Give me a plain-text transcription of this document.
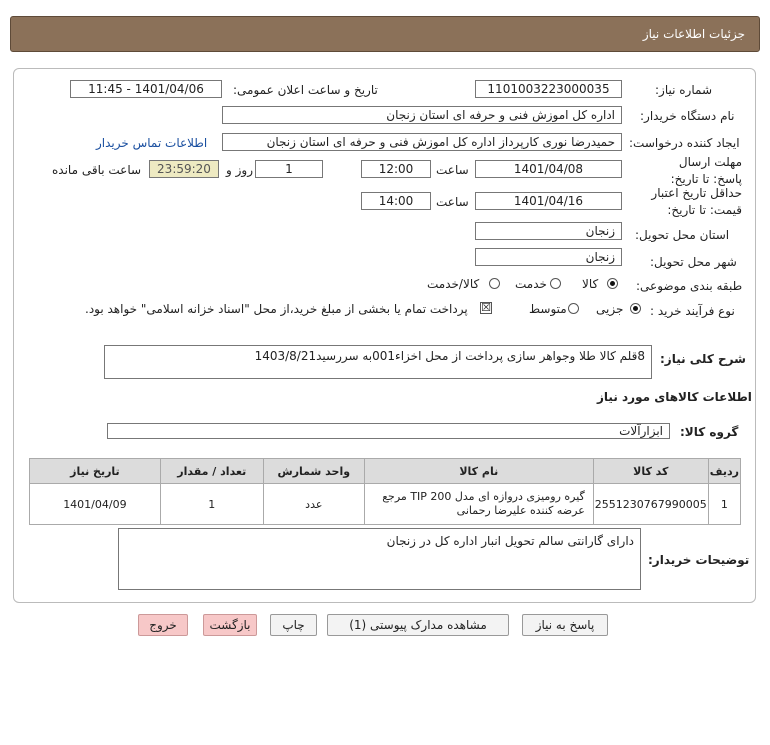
جزئیات اطلاعات نیاز
شماره نیاز:
1101003223000035
تاریخ و ساعت اعلان عمومی:
1401/04/06 - 11:45
نام دستگاه خریدار:
اداره کل اموزش فنی و حرفه ای استان زنجان
ایجاد کننده درخواست:
حمیدرضا نوری کارپرداز اداره کل اموزش فنی و حرفه ای استان زنجان
اطلاعات تماس خریدار
مهلت ارسال پاسخ: تا تاریخ:
1401/04/08
ساعت
12:00
1
روز و
23:59:20
ساعت باقی مانده
حداقل تاریخ اعتبار قیمت: تا تاریخ:
1401/04/16
ساعت
14:00
استان محل تحویل:
زنجان
شهر محل تحویل:
زنجان
طبقه بندی موضوعی:
کالا
خدمت
کالا/خدمت
نوع فرآیند خرید :
جزیی
متوسط
☒
پرداخت تمام یا بخشی از مبلغ خرید،از محل "اسناد خزانه اسلامی" خواهد بود.
شرح کلی نیاز:
8قلم کالا طلا وجواهر سازی پرداخت از محل اخزاء001به سررسید1403/8/21
اطلاعات کالاهای مورد نیاز
گروه کالا:
ابزارآلات
ردیف	کد کالا	نام کالا	واحد شمارش	تعداد / مقدار	تاریخ نیاز
1	2551230767990005	گیره رومیزی دروازه ای مدل TIP 200 مرجع عرضه کننده علیرضا رحمانی	عدد	1	1401/04/09
توضیحات خریدار:
دارای گارانتی سالم تحویل انبار اداره کل در زنجان
پاسخ به نیاز
مشاهده مدارک پیوستی (1)
چاپ
بازگشت
خروج
